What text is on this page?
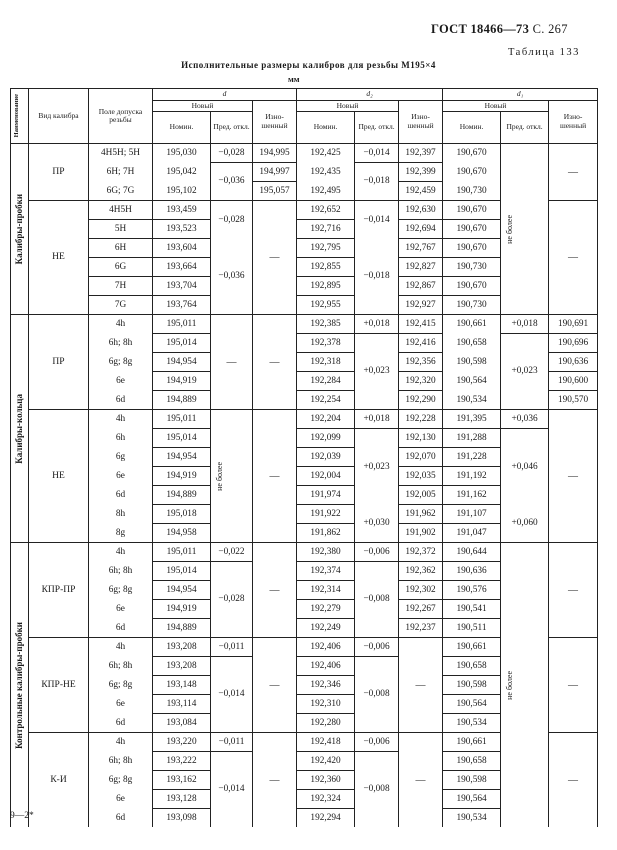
ГОСТ 18466—73 С. 267
Таблица 133
Исполнительные размеры калибров для резьбы М195×4
мм
Наименование	Вид калибра	Поле допуска резьбы	d			d₂			d₁		
			Новый		Изно- шенный	Новый		Изно- шенный	Новый		Изно- шенный
			Номин.	Пред. откл.		Номин.	Пред. откл.		Номин.	Пред. откл.	

Калибры-пробки	ПР	4H5H; 5H	195,030	−0,028	194,995	192,425	−0,014	192,397	190,670	не более	—
		6H; 7H	195,042	−0,036	194,997	192,435	−0,018	192,399	190,670		
		6G; 7G	195,102		195,057	192,495		192,459	190,730		
	НЕ	4H5H	193,459	−0,028	—	192,652	−0,014	192,630	190,670		—
		5H	193,523			192,716		192,694	190,670		
		6H	193,604	−0,036		192,795	−0,018	192,767	190,670		
		6G	193,664			192,855		192,827	190,730		
		7H	193,704			192,895		192,867	190,670		
		7G	193,764			192,955		192,927	190,730		

Калибры-кольца	ПР	4h	195,011	—	—	192,385	+0,018	192,415	190,661	+0,018	190,691
		6h; 8h	195,014			192,378	+0,023	192,416	190,658	+0,023	190,696
		6g; 8g	194,954			192,318		192,356	190,598		190,636
		6e	194,919			192,284		192,320	190,564		190,600
		6d	194,889			192,254		192,290	190,534		190,570
	НЕ	4h	195,011	не более	—	192,204	+0,018	192,228	191,395	+0,036	—
		6h	195,014			192,099	+0,023	192,130	191,288	+0,046	
		6g	194,954			192,039		192,070	191,228		
		6e	194,919			192,004		192,035	191,192		
		6d	194,889			191,974		192,005	191,162		
		8h	195,018			191,922	+0,030	191,962	191,107	+0,060	
		8g	194,958			191,862		191,902	191,047		

Контрольные калибры-пробки	КПР-ПР	4h	195,011	−0,022	—	192,380	−0,006	192,372	190,644	не более	—
		6h; 8h	195,014	−0,028		192,374	−0,008	192,362	190,636		
		6g; 8g	194,954			192,314		192,302	190,576		
		6e	194,919			192,279		192,267	190,541		
		6d	194,889			192,249		192,237	190,511		
	КПР-НЕ	4h	193,208	−0,011	—	192,406	−0,006	—	190,661		—
		6h; 8h	193,208	−0,014		192,406	−0,008		190,658		
		6g; 8g	193,148			192,346			190,598		
		6e	193,114			192,310			190,564		
		6d	193,084			192,280			190,534		
	К-И	4h	193,220	−0,011	—	192,418	−0,006	—	190,661		—
		6h; 8h	193,222	−0,014		192,420	−0,008		190,658		
		6g; 8g	193,162			192,360			190,598		
		6e	193,128			192,324			190,564		
		6d	193,098			192,294			190,534		
9—2*
